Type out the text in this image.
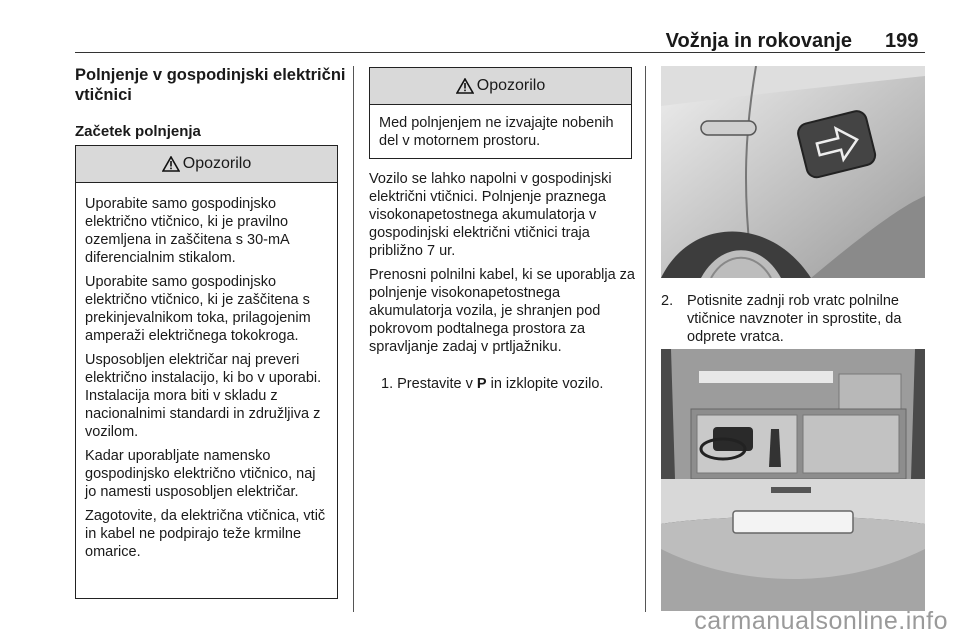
Vožnja in rokovanje 199
Polnjenje v gospodinjski električni vtičnici
Začetek polnjenja
Opozorilo

Uporabite samo gospodinjsko električno vtičnico, ki je pravilno ozemljena in zaščitena s 30-mA diferencialnim stikalom.

Uporabite samo gospodinjsko električno vtičnico, ki je zaščitena s prekinjevalnikom toka, prilagojenim amperaži električnega tokokroga.

Usposobljen električar naj preveri električno instalacijo, ki bo v uporabi. Instalacija mora biti v skladu z nacionalnimi standardi in združljiva z vozilom.

Kadar uporabljate namensko gospodinjsko električno vtičnico, naj jo namesti usposobljen električar.

Zagotovite, da električna vtičnica, vtič in kabel ne podpirajo teže krmilne omarice.

Opozorilo

Med polnjenjem ne izvajajte nobenih del v motornem prostoru.

Vozilo se lahko napolni v gospodinjski električni vtičnici. Polnjenje praznega visokonapetostnega akumulatorja v gospodinjski električni vtičnici traja približno 7 ur.

Prenosni polnilni kabel, ki se uporablja za polnjenje visokonapetostnega akumulatorja vozila, je shranjen pod pokrovom podtalnega prostora za spravljanje zadaj v prtljažniku.

1. Prestavite v P in izklopite vozilo.
2. Potisnite zadnji rob vratc polnilne vtičnice navznoter in sprostite, da odprete vratca.
carmanualsonline.info
